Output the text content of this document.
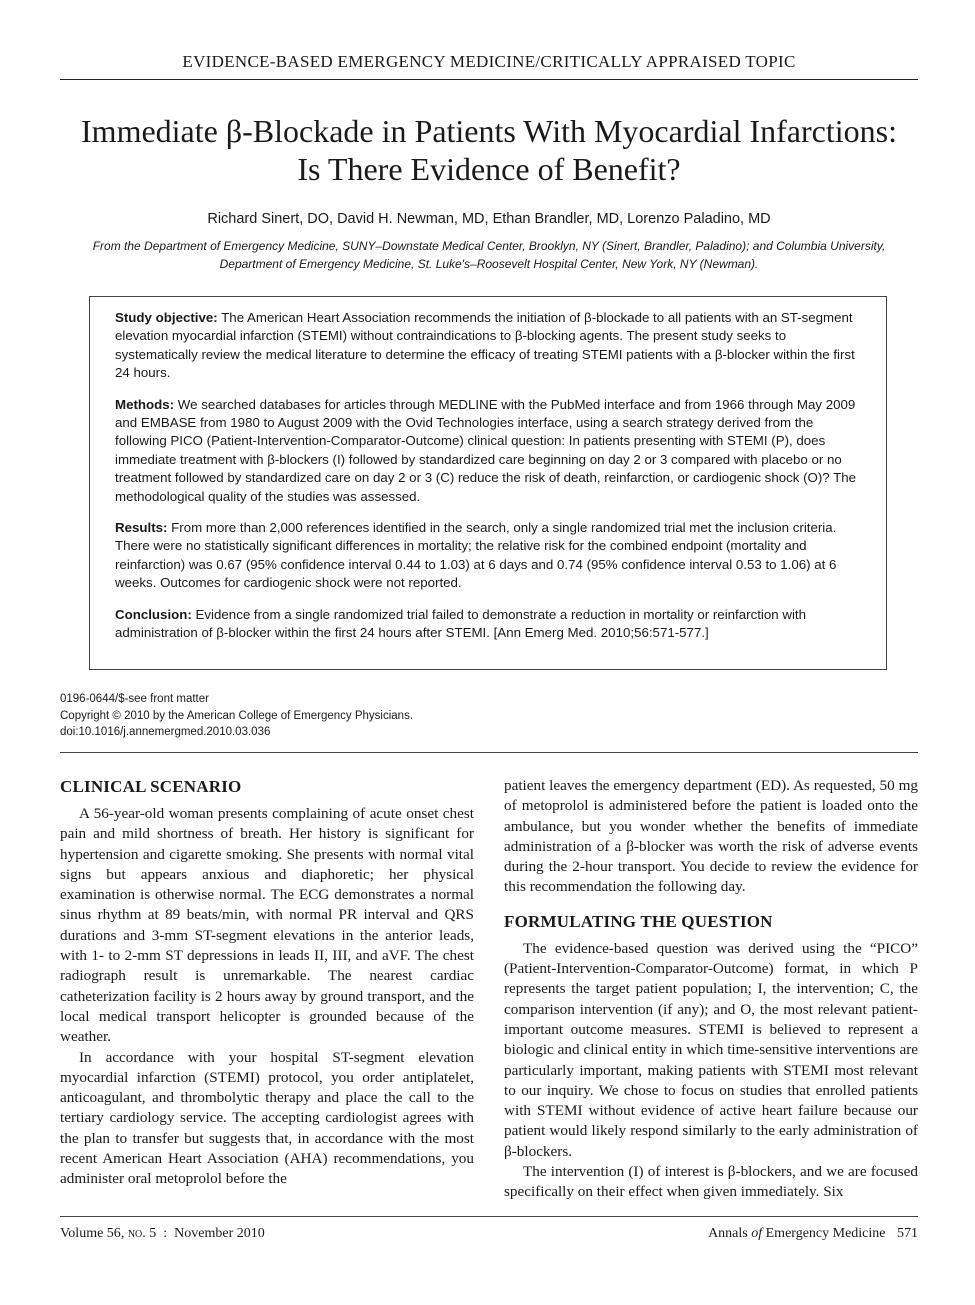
EVIDENCE-BASED EMERGENCY MEDICINE/CRITICALLY APPRAISED TOPIC
Immediate β-Blockade in Patients With Myocardial Infarctions:
Is There Evidence of Benefit?
Richard Sinert, DO, David H. Newman, MD, Ethan Brandler, MD, Lorenzo Paladino, MD
From the Department of Emergency Medicine, SUNY–Downstate Medical Center, Brooklyn, NY (Sinert, Brandler, Paladino); and Columbia University, Department of Emergency Medicine, St. Luke's–Roosevelt Hospital Center, New York, NY (Newman).

Study objective: The American Heart Association recommends the initiation of β-blockade to all patients with an ST-segment elevation myocardial infarction (STEMI) without contraindications to β-blocking agents. The present study seeks to systematically review the medical literature to determine the efficacy of treating STEMI patients with a β-blocker within the first 24 hours.

Methods: We searched databases for articles through MEDLINE with the PubMed interface and from 1966 through May 2009 and EMBASE from 1980 to August 2009 with the Ovid Technologies interface, using a search strategy derived from the following PICO (Patient-Intervention-Comparator-Outcome) clinical question: In patients presenting with STEMI (P), does immediate treatment with β-blockers (I) followed by standardized care beginning on day 2 or 3 compared with placebo or no treatment followed by standardized care on day 2 or 3 (C) reduce the risk of death, reinfarction, or cardiogenic shock (O)? The methodological quality of the studies was assessed.

Results: From more than 2,000 references identified in the search, only a single randomized trial met the inclusion criteria. There were no statistically significant differences in mortality; the relative risk for the combined endpoint (mortality and reinfarction) was 0.67 (95% confidence interval 0.44 to 1.03) at 6 days and 0.74 (95% confidence interval 0.53 to 1.06) at 6 weeks. Outcomes for cardiogenic shock were not reported.

Conclusion: Evidence from a single randomized trial failed to demonstrate a reduction in mortality or reinfarction with administration of β-blocker within the first 24 hours after STEMI. [Ann Emerg Med. 2010;56:571-577.]

0196-0644/$-see front matter
Copyright © 2010 by the American College of Emergency Physicians.
doi:10.1016/j.annemergmed.2010.03.036
CLINICAL SCENARIO

A 56-year-old woman presents complaining of acute onset chest pain and mild shortness of breath. Her history is significant for hypertension and cigarette smoking. She presents with normal vital signs but appears anxious and diaphoretic; her physical examination is otherwise normal. The ECG demonstrates a normal sinus rhythm at 89 beats/min, with normal PR interval and QRS durations and 3-mm ST-segment elevations in the anterior leads, with 1- to 2-mm ST depressions in leads II, III, and aVF. The chest radiograph result is unremarkable. The nearest cardiac catheterization facility is 2 hours away by ground transport, and the local medical transport helicopter is grounded because of the weather.

In accordance with your hospital ST-segment elevation myocardial infarction (STEMI) protocol, you order antiplatelet, anticoagulant, and thrombolytic therapy and place the call to the tertiary cardiology service. The accepting cardiologist agrees with the plan to transfer but suggests that, in accordance with the most recent American Heart Association (AHA) recommendations, you administer oral metoprolol before the

patient leaves the emergency department (ED). As requested, 50 mg of metoprolol is administered before the patient is loaded onto the ambulance, but you wonder whether the benefits of immediate administration of a β-blocker was worth the risk of adverse events during the 2-hour transport. You decide to review the evidence for this recommendation the following day.

FORMULATING THE QUESTION

The evidence-based question was derived using the “PICO” (Patient-Intervention-Comparator-Outcome) format, in which P represents the target patient population; I, the intervention; C, the comparison intervention (if any); and O, the most relevant patient-important outcome measures. STEMI is believed to represent a biologic and clinical entity in which time-sensitive interventions are particularly important, making patients with STEMI most relevant to our inquiry. We chose to focus on studies that enrolled patients with STEMI without evidence of active heart failure because our patient would likely respond similarly to the early administration of β-blockers.

The intervention (I) of interest is β-blockers, and we are focused specifically on their effect when given immediately. Six

Volume 56, no. 5 : November 2010	Annals of Emergency Medicine 571
